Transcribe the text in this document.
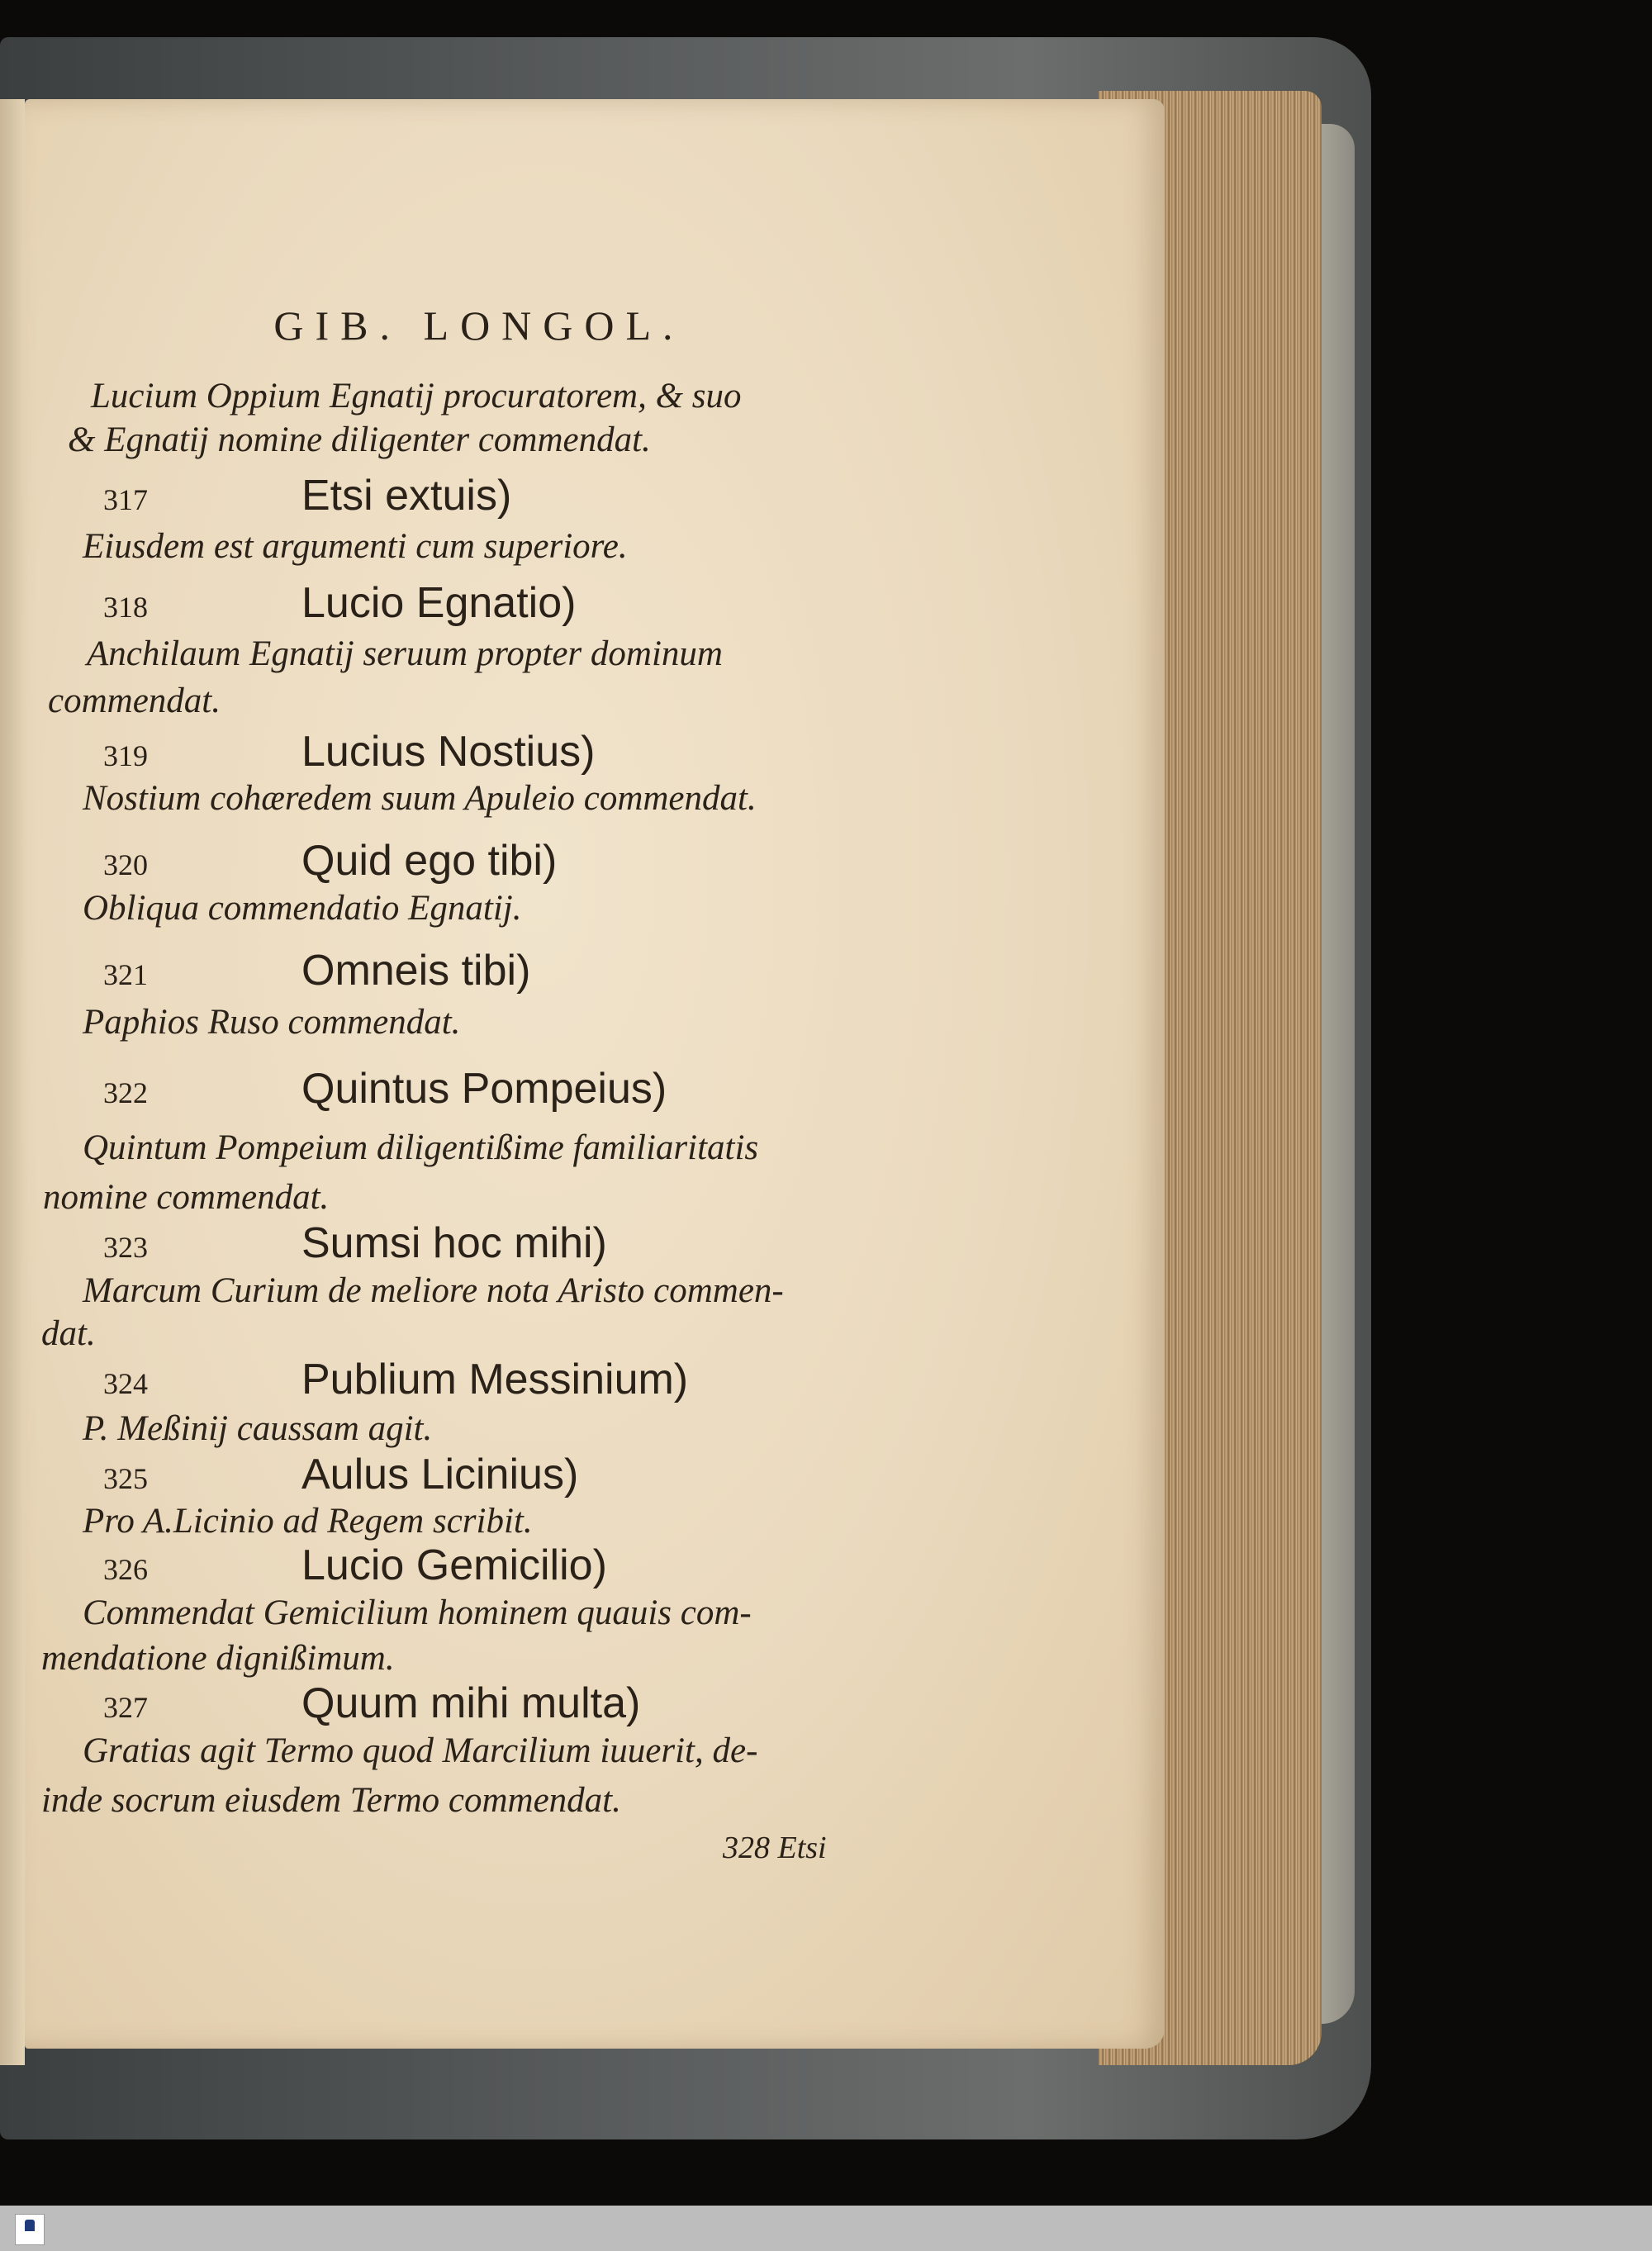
GIB. LONGOL.
Lucium Oppium Egnatij procuratorem, & suo
& Egnatij nomine diligenter commendat.
317	Etsi extuis)
Eiusdem est argumenti cum superiore.
318	Lucio Egnatio)
Anchilaum Egnatij seruum propter dominum
commendat.
319	Lucius Nostius)
Nostium cohæredem suum Apuleio commendat.
320	Quid ego tibi)
Obliqua commendatio Egnatij.
321	Omneis tibi)
Paphios Ruso commendat.
322	Quintus Pompeius)
Quintum Pompeium diligentißime familiaritatis
nomine commendat.
323	Sumsi hoc mihi)
Marcum Curium de meliore nota Aristo commen-
dat.
324	Publium Messinium)
P. Meßinij caussam agit.
325	Aulus Licinius)
Pro A.Licinio ad Regem scribit.
326	Lucio Gemicilio)
Commendat Gemicilium hominem quauis com-
mendatione dignißimum.
327	Quum mihi multa)
Gratias agit Termo quod Marcilium iuuerit, de-
inde socrum eiusdem Termo commendat.
328 Etsi
